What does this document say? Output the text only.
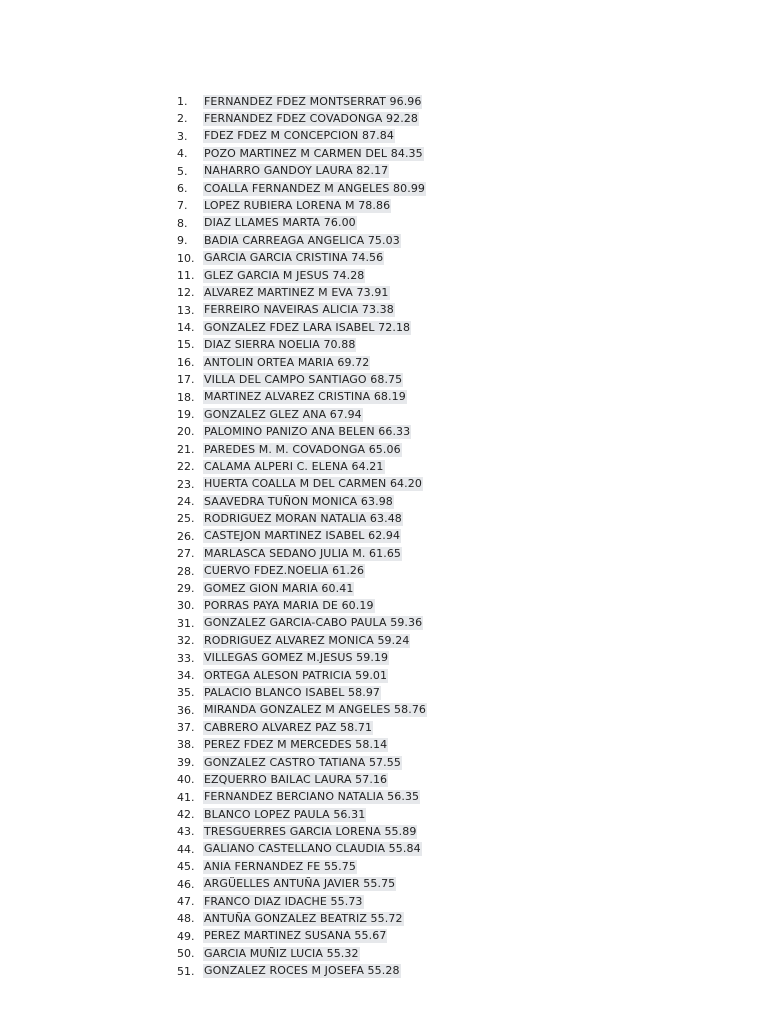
1.	FERNANDEZ FDEZ MONTSERRAT 96.96
2.	FERNANDEZ FDEZ COVADONGA 92.28
3.	FDEZ FDEZ M CONCEPCION 87.84
4.	POZO MARTINEZ M CARMEN DEL 84.35
5.	NAHARRO GANDOY LAURA 82.17
6.	COALLA FERNANDEZ M ANGELES 80.99
7.	LOPEZ RUBIERA LORENA M 78.86
8.	DIAZ LLAMES MARTA 76.00
9.	BADIA CARREAGA ANGELICA 75.03
10. GARCIA GARCIA CRISTINA 74.56
11. GLEZ GARCIA M JESUS 74.28
12. ALVAREZ MARTINEZ M EVA 73.91
13. FERREIRO NAVEIRAS ALICIA 73.38
14. GONZALEZ FDEZ LARA ISABEL 72.18
15. DIAZ SIERRA NOELIA 70.88
16. ANTOLIN ORTEA MARIA 69.72
17. VILLA DEL CAMPO SANTIAGO 68.75
18. MARTINEZ ALVAREZ CRISTINA 68.19
19. GONZALEZ GLEZ ANA 67.94
20. PALOMINO PANIZO ANA BELEN 66.33
21. PAREDES M. M. COVADONGA 65.06
22. CALAMA ALPERI C. ELENA 64.21
23. HUERTA COALLA M DEL CARMEN 64.20
24. SAAVEDRA TUÑON MONICA 63.98
25. RODRIGUEZ MORAN NATALIA 63.48
26. CASTEJON MARTINEZ ISABEL 62.94
27. MARLASCA SEDANO JULIA M. 61.65
28. CUERVO FDEZ.NOELIA 61.26
29. GOMEZ GION MARIA 60.41
30. PORRAS PAYA MARIA DE 60.19
31. GONZALEZ GARCIA-CABO PAULA 59.36
32. RODRIGUEZ ALVAREZ MONICA 59.24
33. VILLEGAS GOMEZ M.JESUS 59.19
34. ORTEGA ALESON PATRICIA 59.01
35. PALACIO BLANCO ISABEL 58.97
36. MIRANDA GONZALEZ M ANGELES 58.76
37. CABRERO ALVAREZ PAZ 58.71
38. PEREZ FDEZ M MERCEDES 58.14
39. GONZALEZ CASTRO TATIANA 57.55
40. EZQUERRO BAILAC LAURA 57.16
41. FERNANDEZ BERCIANO NATALIA 56.35
42. BLANCO LOPEZ PAULA 56.31
43. TRESGUERRES GARCIA LORENA 55.89
44. GALIANO CASTELLANO CLAUDIA 55.84
45. ANIA FERNANDEZ FE 55.75
46. ARGÜELLES ANTUÑA JAVIER 55.75
47. FRANCO DIAZ IDACHE 55.73
48. ANTUÑA GONZALEZ BEATRIZ 55.72
49. PEREZ MARTINEZ SUSANA 55.67
50. GARCIA MUÑIZ LUCIA 55.32
51. GONZALEZ ROCES M JOSEFA 55.28
